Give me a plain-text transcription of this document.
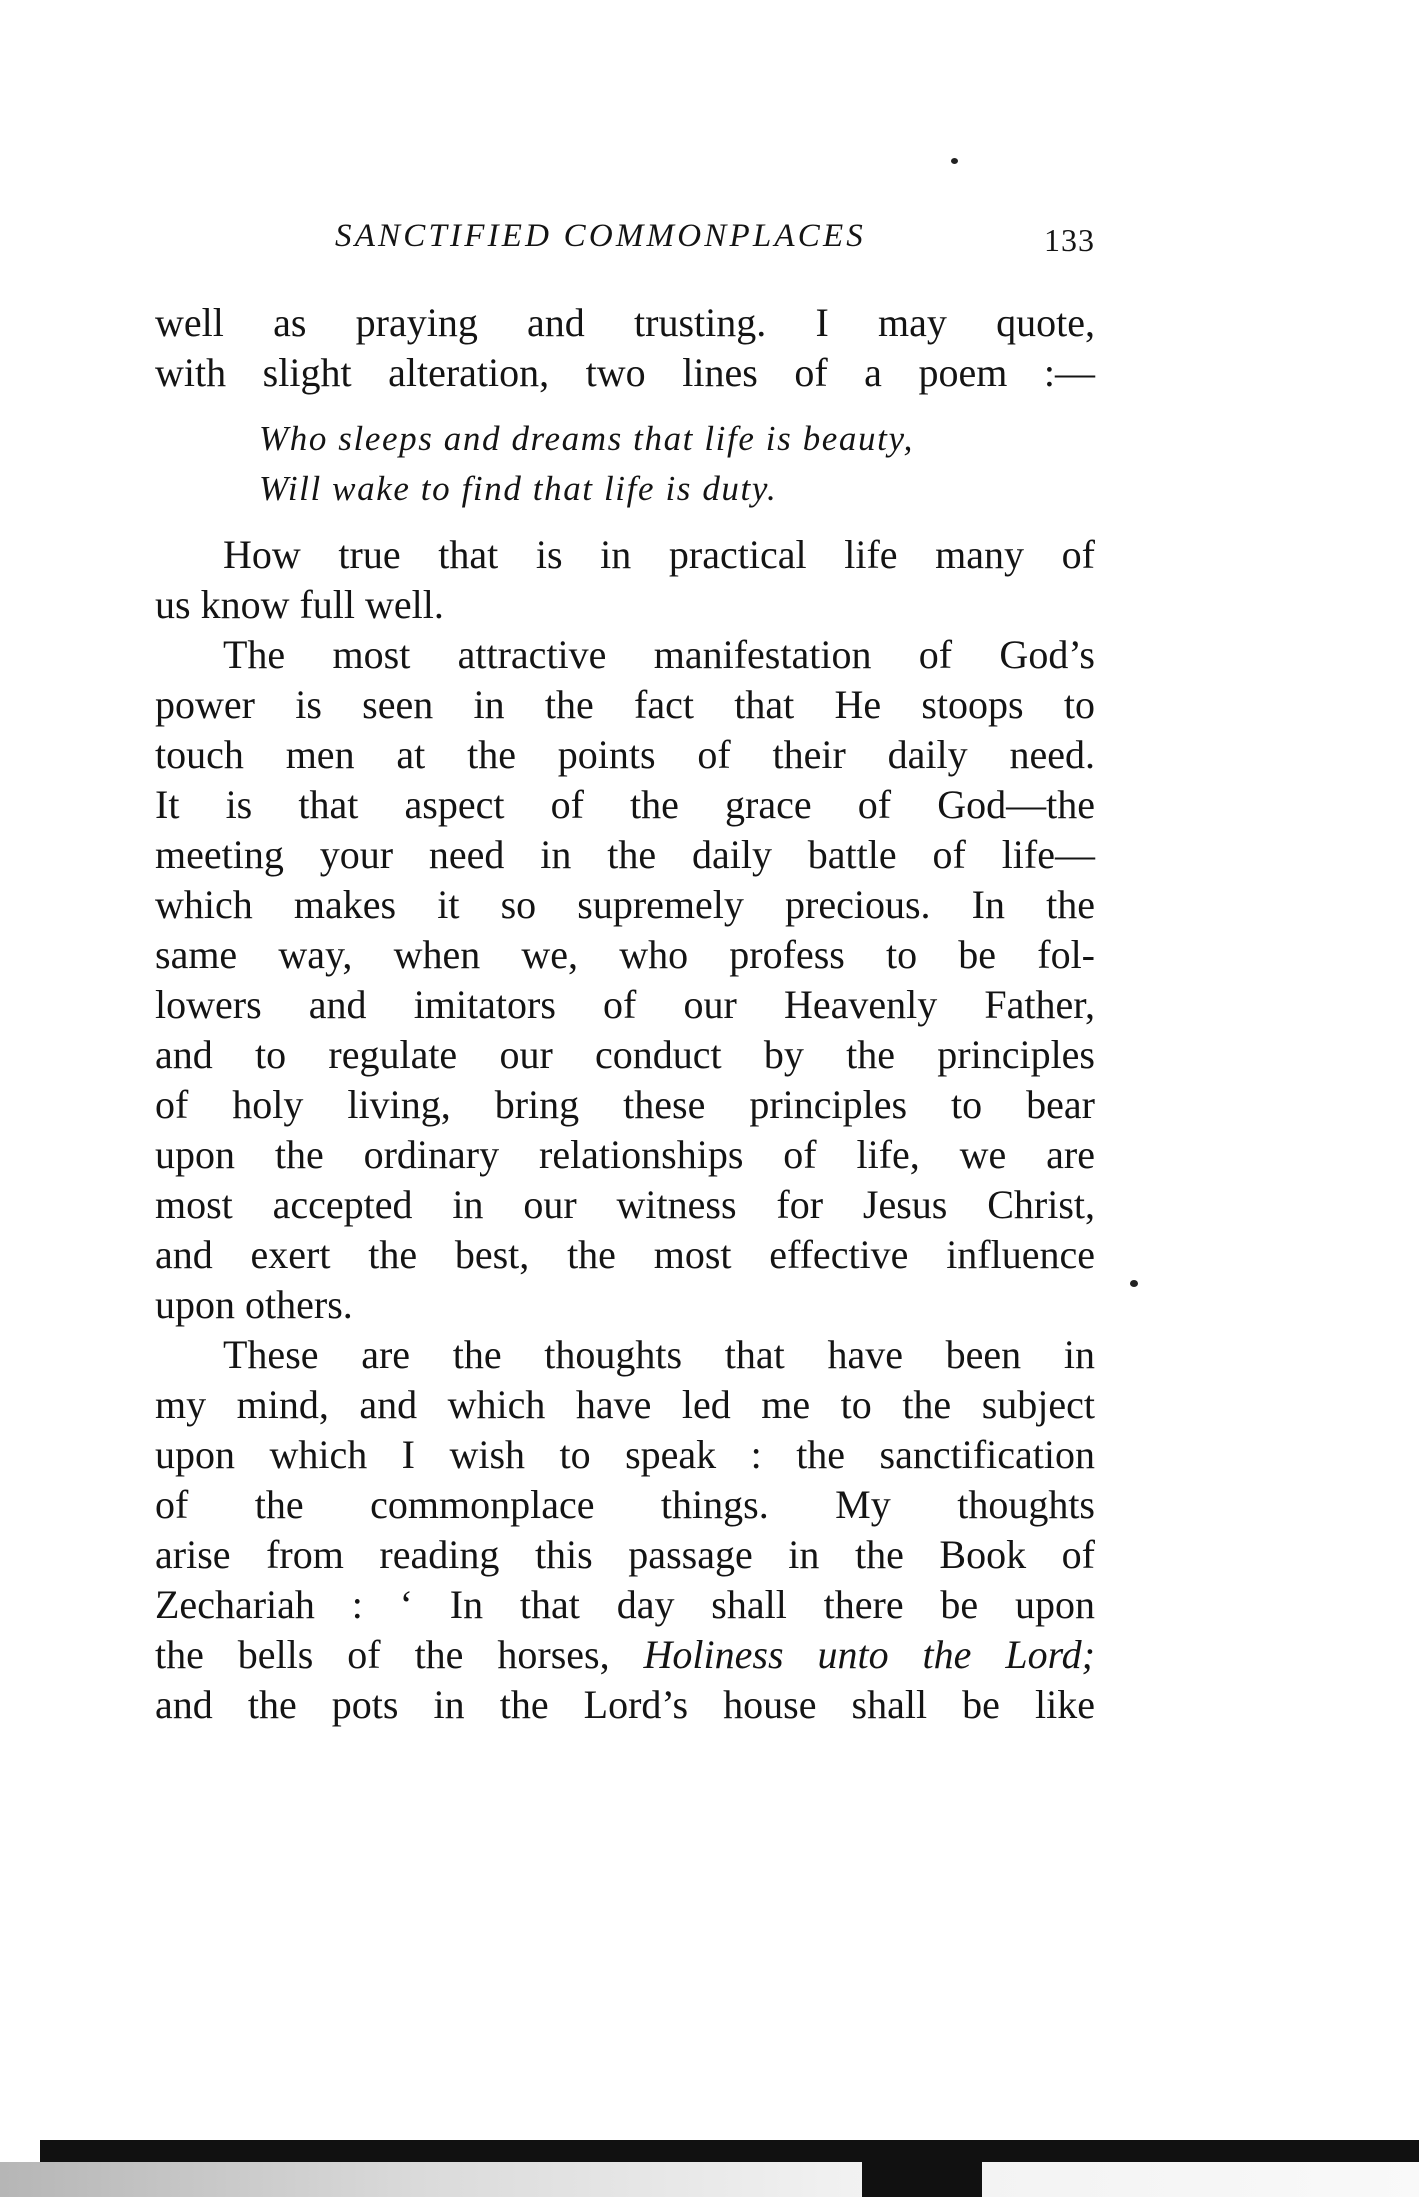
SANCTIFIED COMMONPLACES	133
well as praying and trusting. I may quote,
with slight alteration, two lines of a poem :—
Who sleeps and dreams that life is beauty,
Will wake to find that life is duty.
How true that is in practical life many of
us know full well.
The most attractive manifestation of God’s
power is seen in the fact that He stoops to
touch men at the points of their daily need.
It is that aspect of the grace of God—the
meeting your need in the daily battle of life—
which makes it so supremely precious. In the
same way, when we, who profess to be fol-
lowers and imitators of our Heavenly Father,
and to regulate our conduct by the principles
of holy living, bring these principles to bear
upon the ordinary relationships of life, we are
most accepted in our witness for Jesus Christ,
and exert the best, the most effective influence
upon others.
These are the thoughts that have been in
my mind, and which have led me to the subject
upon which I wish to speak : the sanctification
of the commonplace things. My thoughts
arise from reading this passage in the Book of
Zechariah : ‘ In that day shall there be upon
the bells of the horses, Holiness unto the Lord;
and the pots in the Lord’s house shall be like
